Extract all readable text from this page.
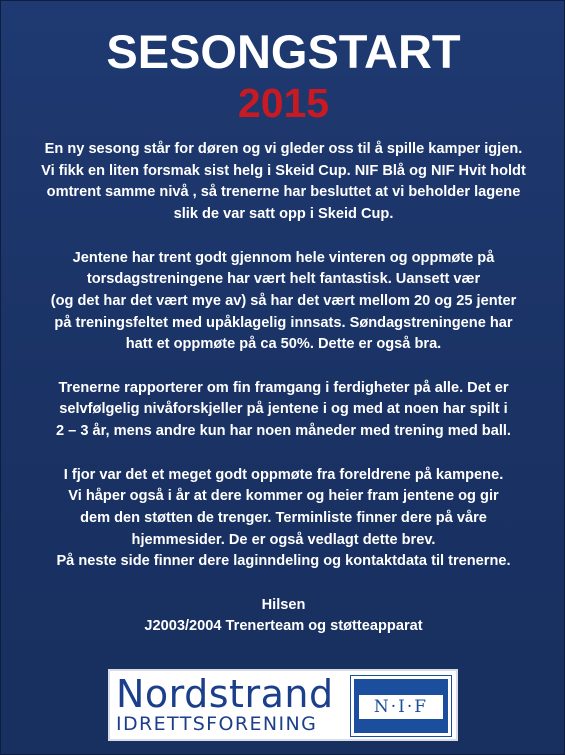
SESONGSTART
2015

En ny sesong står for døren og vi gleder oss til å spille kamper igjen.
Vi fikk en liten forsmak sist helg i Skeid Cup. NIF Blå og NIF Hvit holdt
omtrent samme nivå , så trenerne har besluttet at vi beholder lagene
slik de var satt opp i Skeid Cup.

Jentene har trent godt gjennom hele vinteren og oppmøte på
torsdagstreningene har vært helt fantastisk. Uansett vær
(og det har det vært mye av) så har det vært mellom 20 og 25 jenter
på treningsfeltet med upåklagelig innsats. Søndagstreningene har
hatt et oppmøte på ca 50%. Dette er også bra.

Trenerne rapporterer om fin framgang i ferdigheter på alle. Det er
selvfølgelig nivåforskjeller på jentene i og med at noen har spilt i
2 – 3 år, mens andre kun har noen måneder med trening med ball.

I fjor var det et meget godt oppmøte fra foreldrene på kampene.
Vi håper også i år at dere kommer og heier fram jentene og gir
dem den støtten de trenger. Terminliste finner dere på våre
hjemmesider. De er også vedlagt dette brev.
På neste side finner dere laginndeling og kontaktdata til trenerne.

Hilsen
J2003/2004 Trenerteam og støtteapparat

Nordstrand
IDRETTSFORENING
N·I·F
